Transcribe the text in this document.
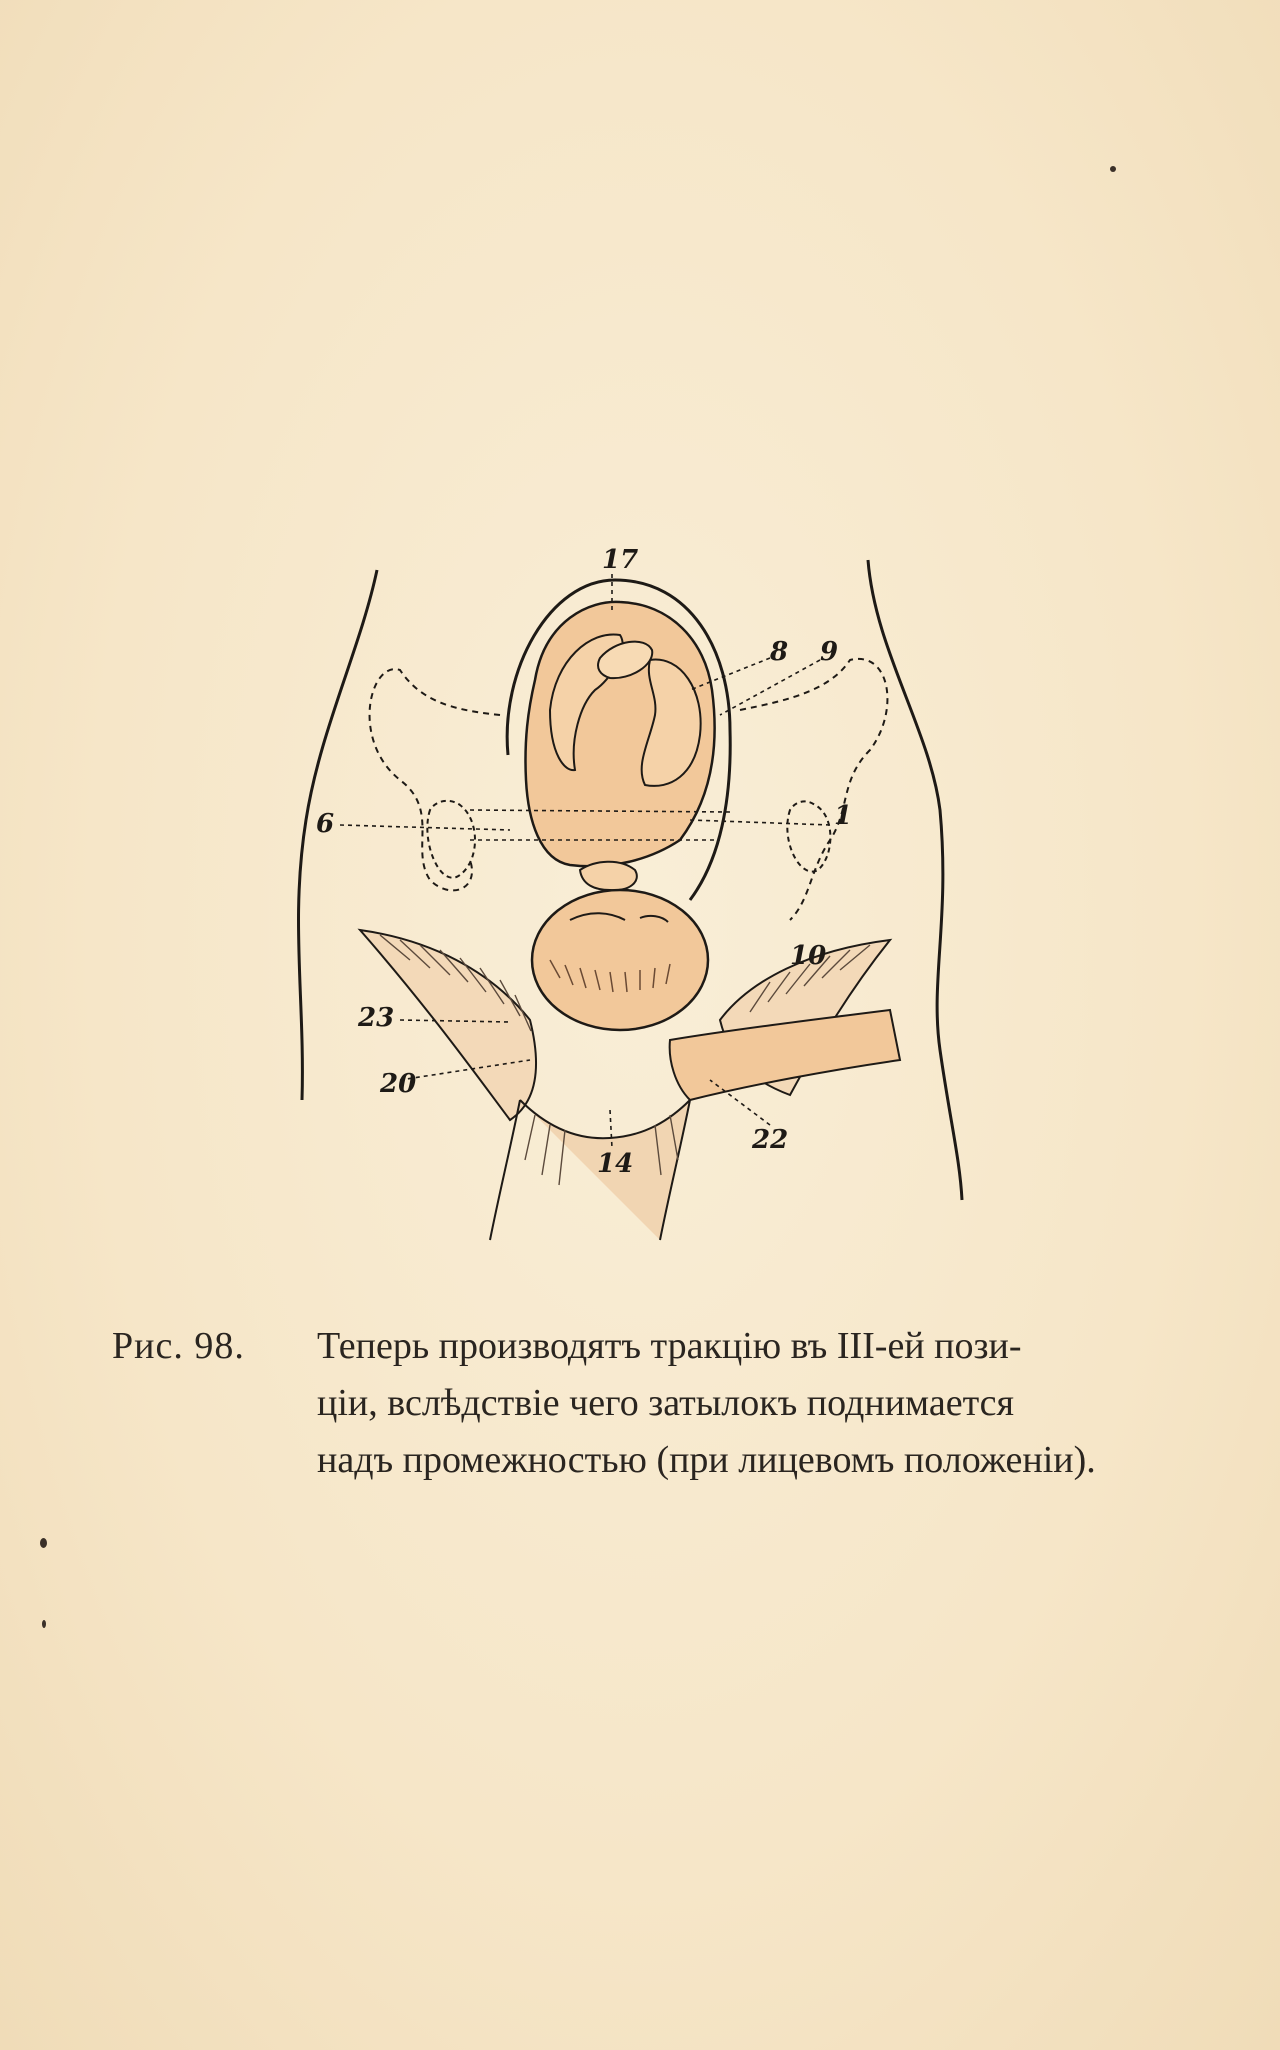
17
8 9
6	1
10
23
20
14
22
Рис. 98.	Теперь производятъ тракцію въ ІІІ-ей пози-
ціи, вслѣдствіе чего затылокъ поднимается
надъ промежностью (при лицевомъ положеніи).
